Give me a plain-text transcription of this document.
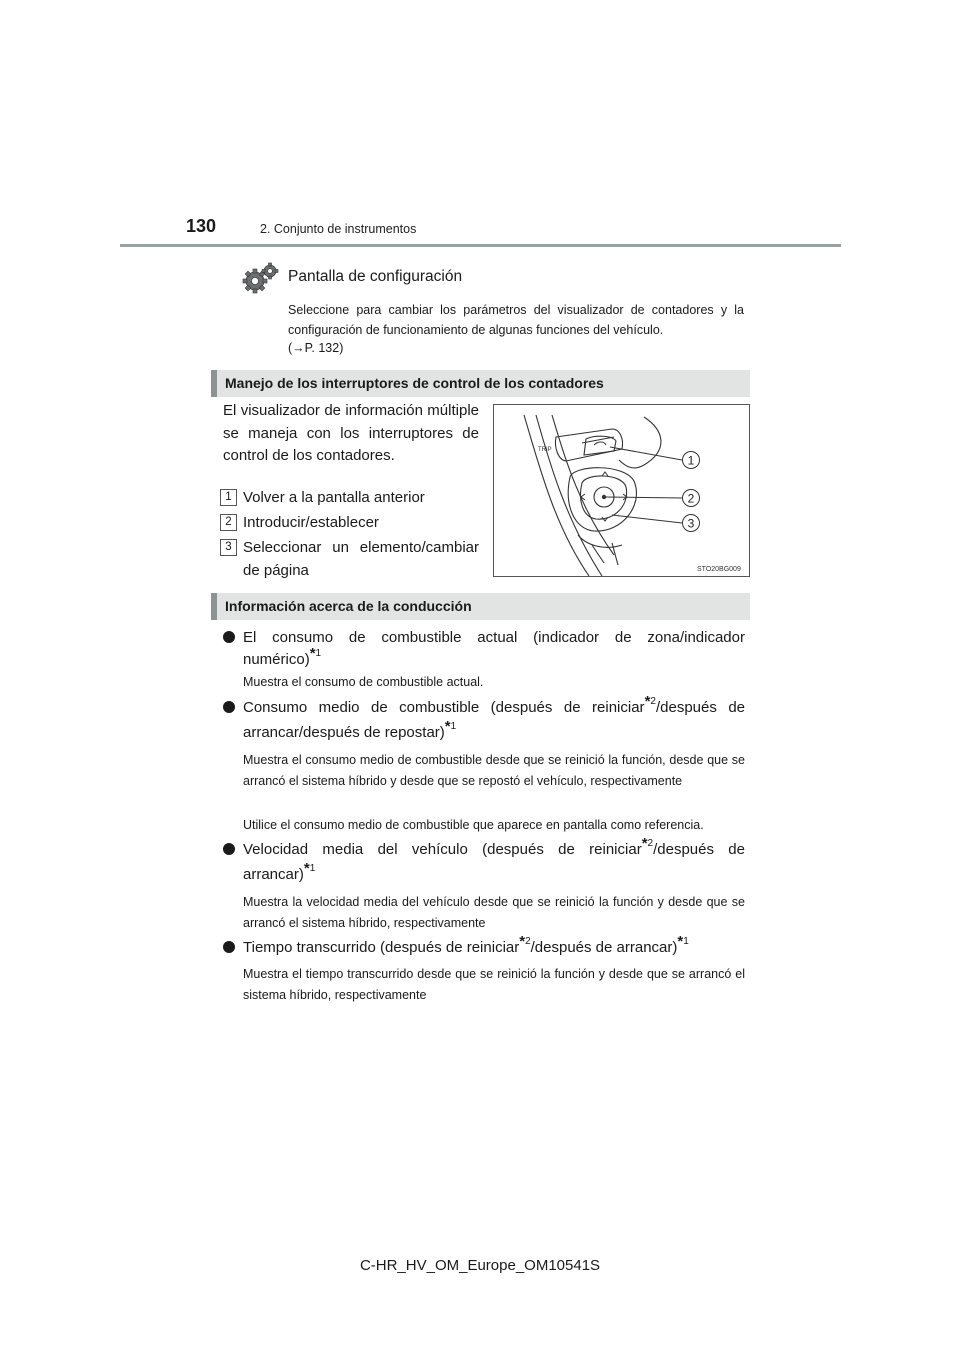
130	2. Conjunto de instrumentos
Pantalla de configuración
Seleccione para cambiar los parámetros del visualizador de contadores y la configuración de funcionamiento de algunas funciones del vehículo.
(→P. 132)
Manejo de los interruptores de control de los contadores
El visualizador de información múltiple se maneja con los interruptores de control de los contadores.
1 Volver a la pantalla anterior
2 Introducir/establecer
3 Seleccionar un elemento/cambiar de página
TRIP
1
2
3
STO20BG009
Información acerca de la conducción
El consumo de combustible actual (indicador de zona/indicador
numérico)$^{*1}$
Muestra el consumo de combustible actual.
Consumo medio de combustible (después de reiniciar$^{*2}$/después de
arrancar/después de repostar)$^{*1}$
Muestra el consumo medio de combustible desde que se reinició la función, desde que se arrancó el sistema híbrido y desde que se repostó el vehículo, respectivamente
Utilice el consumo medio de combustible que aparece en pantalla como referencia.
Velocidad media del vehículo (después de reiniciar$^{*2}$/después de
arrancar)$^{*1}$
Muestra la velocidad media del vehículo desde que se reinició la función y desde que se arrancó el sistema híbrido, respectivamente
Tiempo transcurrido (después de reiniciar$^{*2}$/después de arrancar)$^{*1}$
Muestra el tiempo transcurrido desde que se reinició la función y desde que se arrancó el sistema híbrido, respectivamente
C-HR_HV_OM_Europe_OM10541S
